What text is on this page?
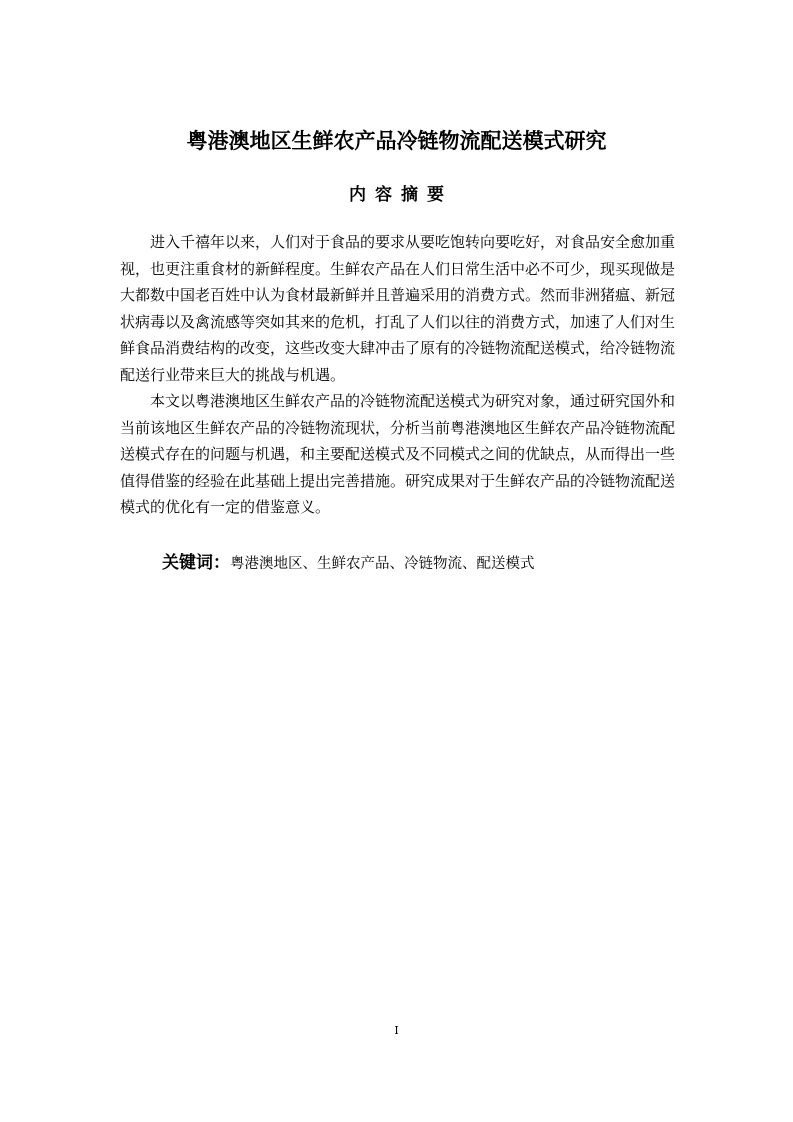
粤港澳地区生鲜农产品冷链物流配送模式研究
内容摘要

进入千禧年以来，人们对于食品的要求从要吃饱转向要吃好，对食品安全愈加重视，也更注重食材的新鲜程度。生鲜农产品在人们日常生活中必不可少，现买现做是大都数中国老百姓中认为食材最新鲜并且普遍采用的消费方式。然而非洲猪瘟、新冠状病毒以及禽流感等突如其来的危机，打乱了人们以往的消费方式，加速了人们对生鲜食品消费结构的改变，这些改变大肆冲击了原有的冷链物流配送模式，给冷链物流配送行业带来巨大的挑战与机遇。

本文以粤港澳地区生鲜农产品的冷链物流配送模式为研究对象，通过研究国外和当前该地区生鲜农产品的冷链物流现状，分析当前粤港澳地区生鲜农产品冷链物流配送模式存在的问题与机遇，和主要配送模式及不同模式之间的优缺点，从而得出一些值得借鉴的经验在此基础上提出完善措施。研究成果对于生鲜农产品的冷链物流配送模式的优化有一定的借鉴意义。

关键词：粤港澳地区、生鲜农产品、冷链物流、配送模式
I
